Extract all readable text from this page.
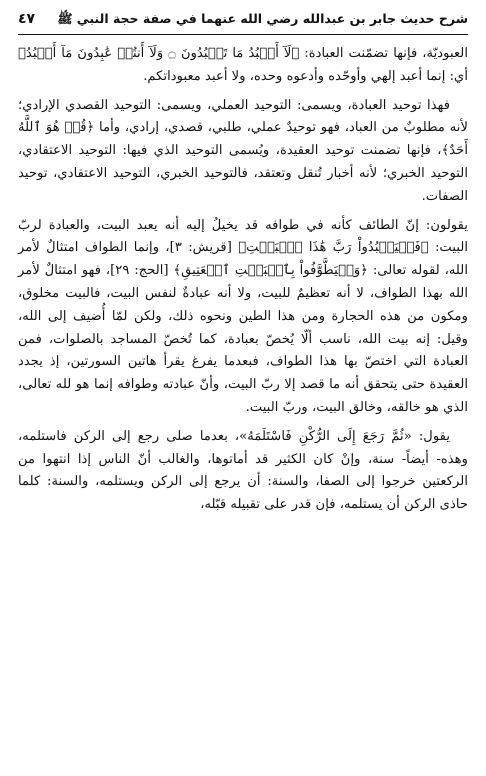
شرح حديث جابر بن عبدالله رضي الله عنهما في صفة حجة النبي ﷺ
٤٧

العبوديّة، فإنها تضمّنت العبادة: ﴿لَآ أَعۡبُدُ مَا تَعۡبُدُونَ ۝ وَلَآ أَنتُمۡ عَٰبِدُونَ مَآ أَعۡبُدُ﴾ أي: إنما أعبد إلهي وأوحّده وأدعوه وحده، ولا أعبد معبوداتكم.

فهذا توحيد العبادة، ويسمى: التوحيد العملي، ويسمى: التوحيد القصدي الإرادي؛ لأنه مطلوبٌ من العباد، فهو توحيدٌ عملي، طلبي، قصدي، إرادي، وأما ﴿قُلۡ هُوَ ٱللَّهُ أَحَدٌ﴾، فإنها تضمنت توحيد العقيدة، ويُسمى التوحيد الذي فيها: التوحيد الاعتقادي، التوحيد الخبري؛ لأنه أخبار تُنقل وتعتقد، فالتوحيد الخبري، التوحيد الاعتقادي، توحيد الصفات.

يقولون: إنّ الطائف كأنه في طوافه قد يخيلُ إليه أنه يعبد البيت، والعبادة لربّ البيت: ﴿فَلۡيَعۡبُدُواْ رَبَّ هَٰذَا ٱلۡبَيۡتِ﴾ [قريش: ٣]، وإنما الطواف امتثالٌ لأمر الله، لقوله تعالى: ﴿وَلۡيَطَّوَّفُواْ بِٱلۡبَيۡتِ ٱلۡعَتِيقِ﴾ [الحج: ٢٩]، فهو امتثالٌ لأمر الله بهذا الطواف، لا أنه تعظيمٌ للبيت، ولا أنه عبادةٌ لنفس البيت، فالبيت مخلوق، ومكون من هذه الحجارة ومن هذا الطين ونحوه ذلك، ولكن لمّا أُضيف إلى الله، وقيل: إنه بيت الله، ناسب ألّا يُخصّ بعبادة، كما تُخصّ المساجد بالصلوات، فمن العبادة التي اختصّ بها هذا الطواف، فبعدما يفرغ يقرأ هاتين السورتين، إذ يجدد العقيدة حتى يتحقق أنه ما قصد إلا ربّ البيت، وأنّ عبادته وطوافه إنما هو لله تعالى، الذي هو خالقه، وخالق البيت، وربّ البيت.

يقول: «ثُمَّ رَجَعَ إِلَى الرُّكْنِ فَاسْتَلَمَهُ»، بعدما صلى رجع إلى الركن فاستلمه، وهذه- أيضاً- سنة، وإنْ كان الكثير قد أماتوها، والغالب أنّ الناس إذا انتهوا من الركعتين خرجوا إلى الصفا، والسنة: أن يرجع إلى الركن ويستلمه، والسنة: كلما حاذى الركن أن يستلمه، فإن قدر على تقبيله قبّله،
